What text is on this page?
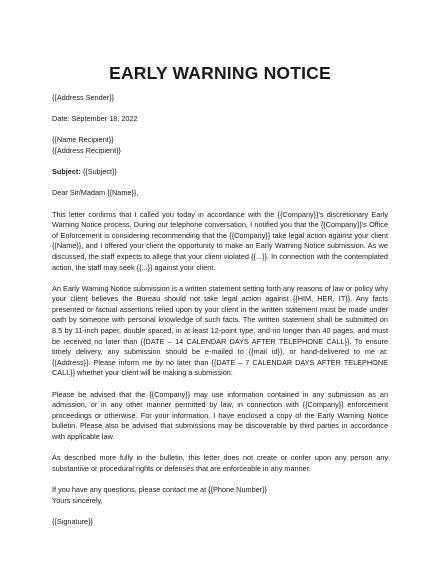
EARLY WARNING NOTICE

{{Address Sender}}

Date: September 18, 2022

{{Name Recipient}}

{{Address Recipient}}

Subject: {{Subject}}

Dear Sir/Madam {{Name}},

This letter confirms that I called you today in accordance with the {{Company}}'s discretionary Early Warning Notice process. During our telephone conversation, I notified you that the {{Company}}'s Office of Enforcement is considering recommending that the {{Company}} take legal action against your client {{Name}}, and I offered your client the opportunity to make an Early Warning Notice submission. As we discussed, the staff expects to allege that your client violated {{...}}. In connection with the contemplated action, the staff may seek {{...}} against your client.

An Early Warning Notice submission is a written statement setting forth any reasons of law or policy why your client believes the Bureau should not take legal action against {{HIM, HER, IT}}. Any facts presented or factual assertions relied upon by your client in the written statement must be made under oath by someone with personal knowledge of such facts. The written statement shall be submitted on 8.5 by 11-inch paper, double spaced, in at least 12-point type, and no longer than 40 pages, and must be received no later than {{DATE – 14 CALENDAR DAYS AFTER TELEPHONE CALL}}. To ensure timely delivery, any submission should be e-mailed to {{mail id}}, or hand-delivered to me at: {{Address}}. Please inform me by no later than {{DATE – 7 CALENDAR DAYS AFTER TELEPHONE CALL}} whether your client will be making a submission.

Please be advised that the {{Company}} may use information contained in any submission as an admission, or in any other manner permitted by law, in connection with {{Company}} enforcement proceedings or otherwise. For your information, I have enclosed a copy of the Early Warning Notice bulletin. Please also be advised that submissions may be discoverable by third parties in accordance with applicable law.

As described more fully in the bulletin, this letter does not create or confer upon any person any substantive or procedural rights or defenses that are enforceable in any manner.

If you have any questions, please contact me at {{Phone Number}}

Yours sincerely,

{{Signature}}
